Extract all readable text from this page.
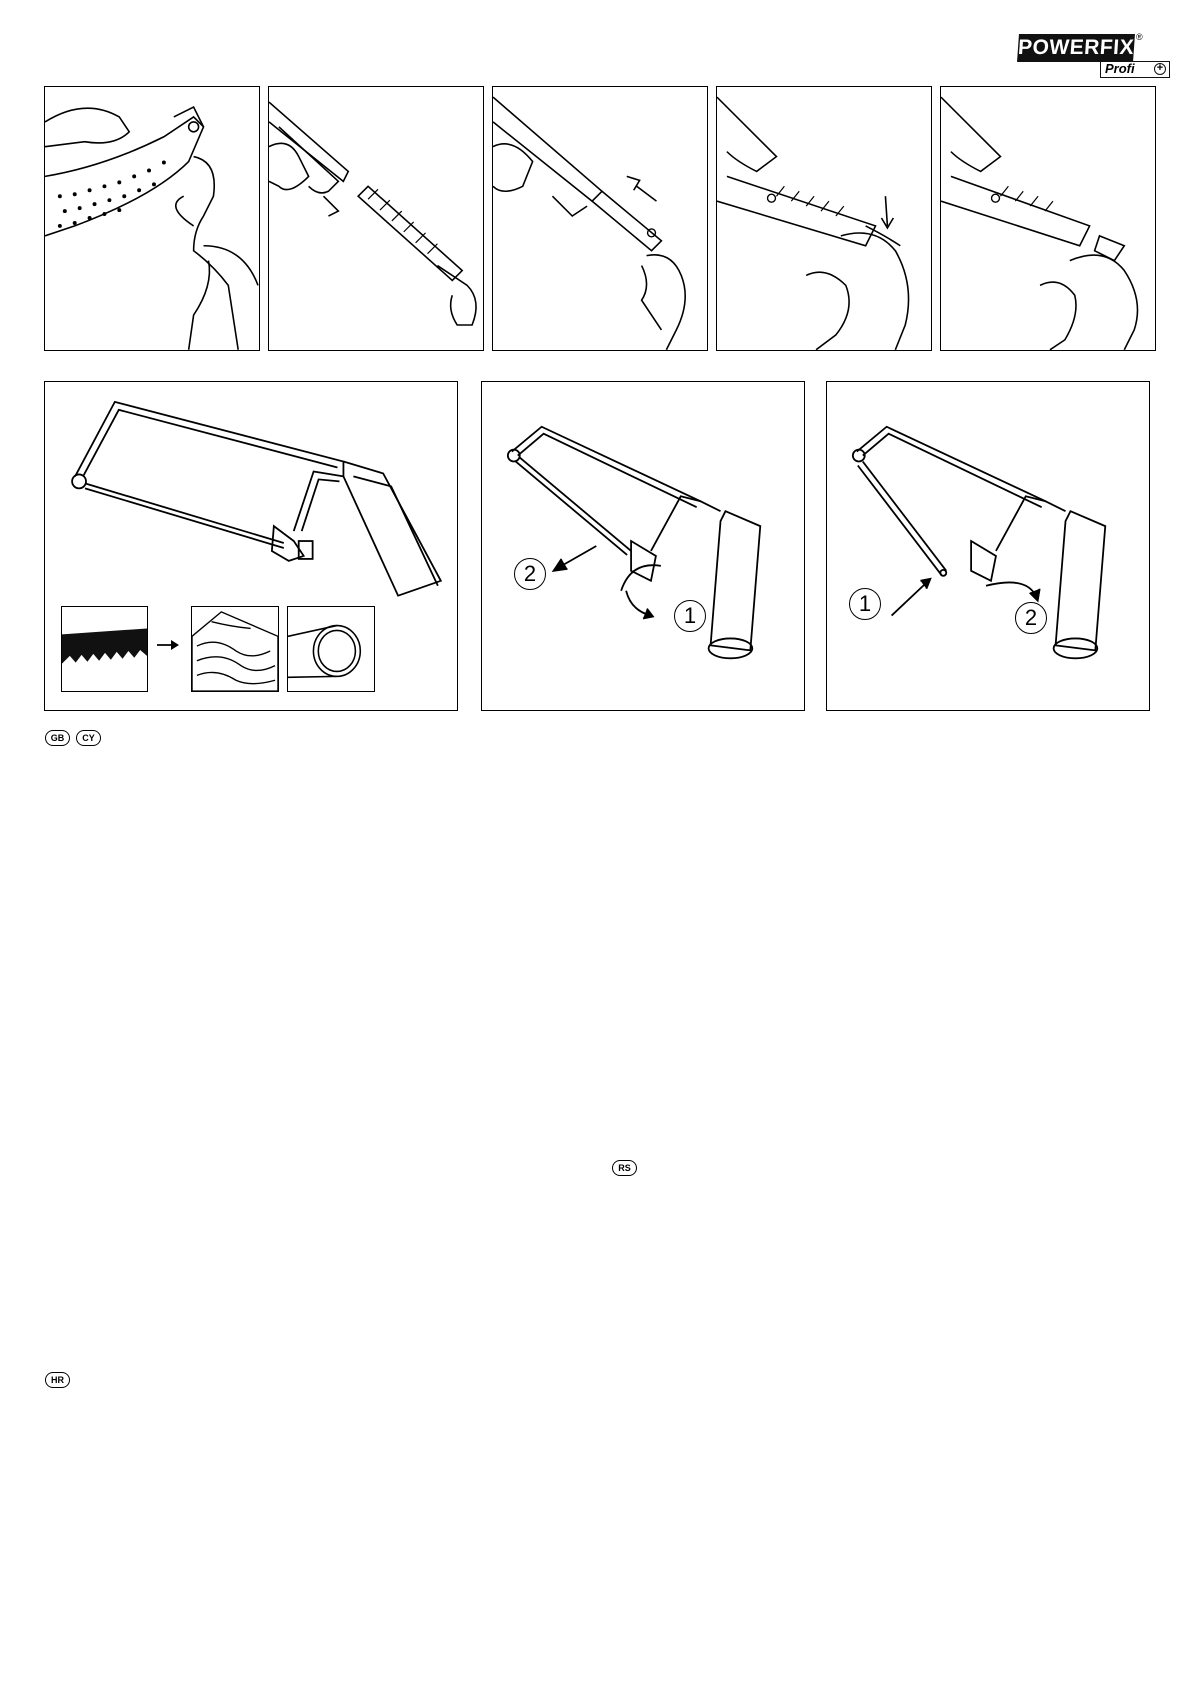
POWERFIX ®
Profi +
2
1	1
2
GB	CY
RS
HR
